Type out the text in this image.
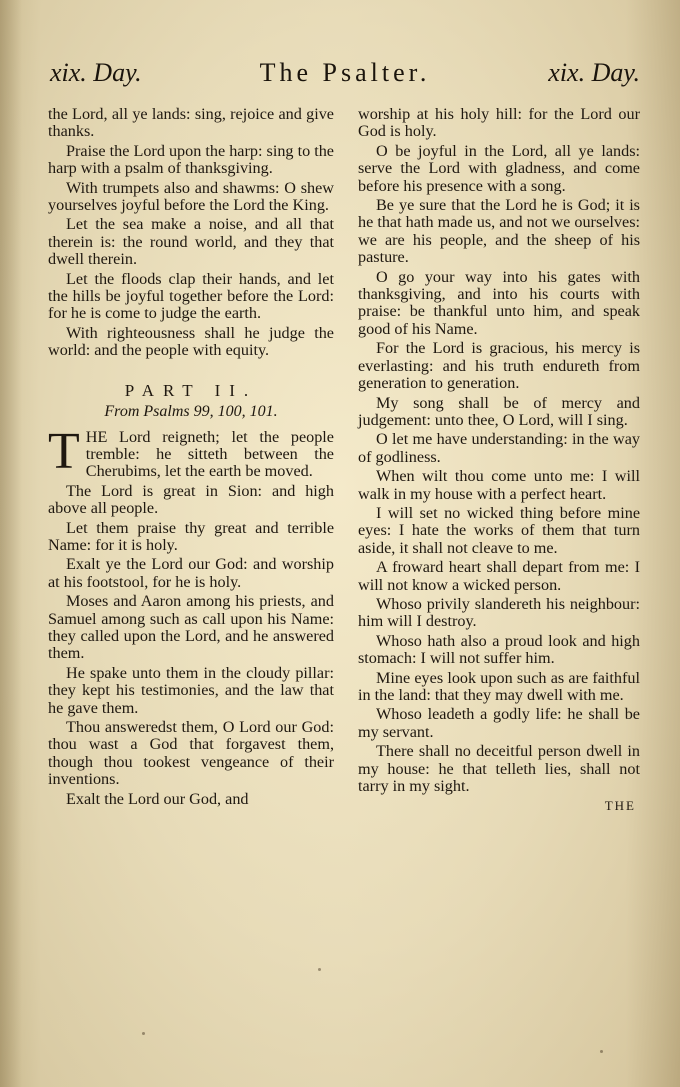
xix. Day.	The Psalter.	xix. Day.

the Lord, all ye lands: sing, rejoice and give thanks.

Praise the Lord upon the harp: sing to the harp with a psalm of thanksgiving.

With trumpets also and shawms: O shew yourselves joyful before the Lord the King.

Let the sea make a noise, and all that therein is: the round world, and they that dwell therein.

Let the floods clap their hands, and let the hills be joyful together before the Lord: for he is come to judge the earth.

With righteousness shall he judge the world: and the people with equity.

PART II.
From Psalms 99, 100, 101.

THE Lord reigneth; let the people tremble: he sitteth between the Cherubims, let the earth be moved.

The Lord is great in Sion: and high above all people.

Let them praise thy great and terrible Name: for it is holy.

Exalt ye the Lord our God: and worship at his footstool, for he is holy.

Moses and Aaron among his priests, and Samuel among such as call upon his Name: they called upon the Lord, and he answered them.

He spake unto them in the cloudy pillar: they kept his testimonies, and the law that he gave them.

Thou answeredst them, O Lord our God: thou wast a God that forgavest them, though thou tookest vengeance of their inventions.

Exalt the Lord our God, and

worship at his holy hill: for the Lord our God is holy.

O be joyful in the Lord, all ye lands: serve the Lord with gladness, and come before his presence with a song.

Be ye sure that the Lord he is God; it is he that hath made us, and not we ourselves: we are his people, and the sheep of his pasture.

O go your way into his gates with thanksgiving, and into his courts with praise: be thankful unto him, and speak good of his Name.

For the Lord is gracious, his mercy is everlasting: and his truth endureth from generation to generation.

My song shall be of mercy and judgement: unto thee, O Lord, will I sing.

O let me have understanding: in the way of godliness.

When wilt thou come unto me: I will walk in my house with a perfect heart.

I will set no wicked thing before mine eyes: I hate the works of them that turn aside, it shall not cleave to me.

A froward heart shall depart from me: I will not know a wicked person.

Whoso privily slandereth his neighbour: him will I destroy.

Whoso hath also a proud look and high stomach: I will not suffer him.

Mine eyes look upon such as are faithful in the land: that they may dwell with me.

Whoso leadeth a godly life: he shall be my servant.

There shall no deceitful person dwell in my house: he that telleth lies, shall not tarry in my sight.

THE
